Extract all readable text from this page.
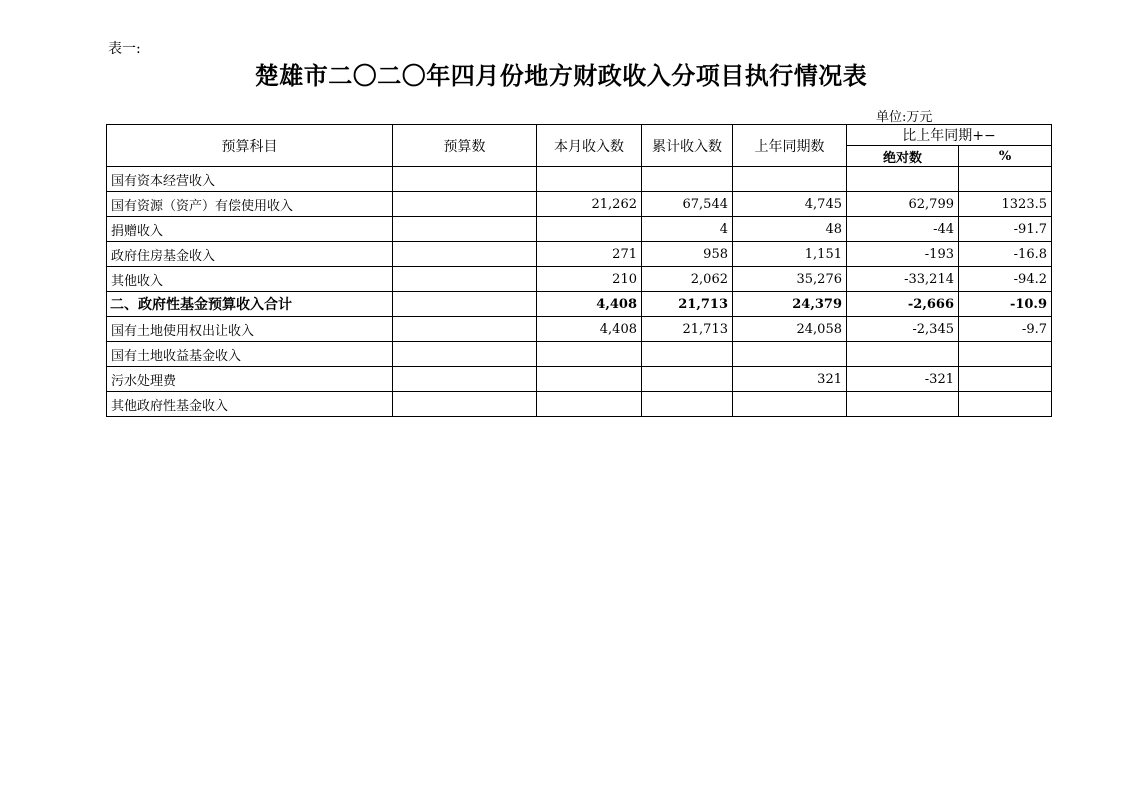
表一:
楚雄市二〇二〇年四月份地方财政收入分项目执行情况表
单位:万元
预算科目	预算数	本月收入数	累计收入数	上年同期数	比上年同期+−	
					绝对数	%
国有资本经营收入						
国有资源（资产）有偿使用收入		21,262	67,544	4,745	62,799	1323.5
捐赠收入			4	48	-44	-91.7
政府住房基金收入		271	958	1,151	-193	-16.8
其他收入		210	2,062	35,276	-33,214	-94.2
二、政府性基金预算收入合计		4,408	21,713	24,379	-2,666	-10.9
国有土地使用权出让收入		4,408	21,713	24,058	-2,345	-9.7
国有土地收益基金收入						
污水处理费				321	-321	
其他政府性基金收入						
